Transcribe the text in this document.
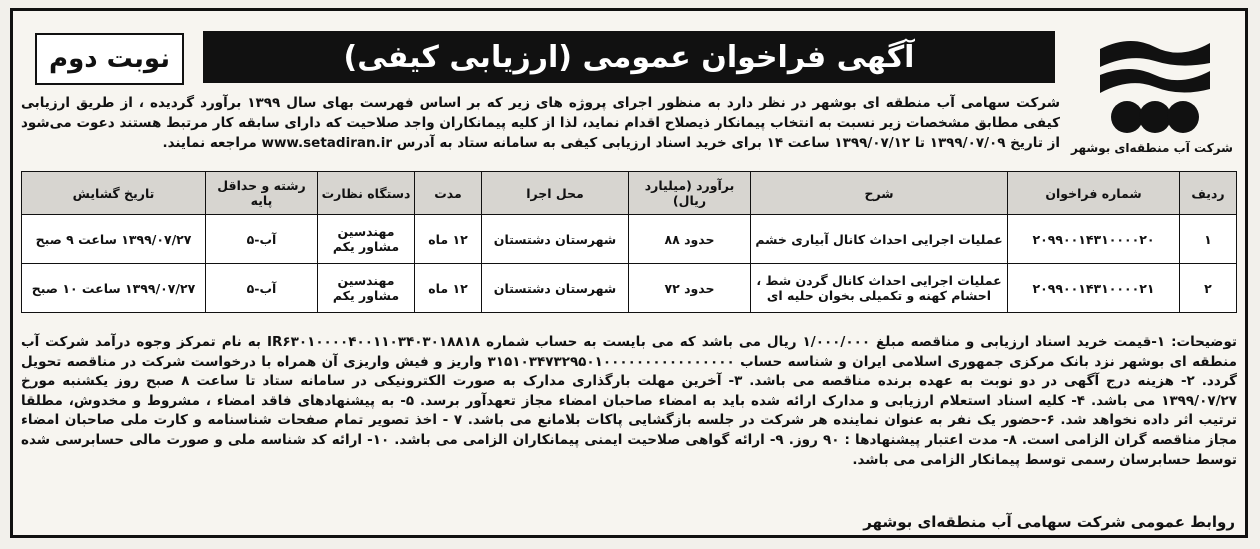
آگهی فراخوان عمومی (ارزیابی کیفی)
نوبت دوم
شرکت آب منطقه‌ای بوشهر
شرکت سهامی آب منطقه ای بوشهر در نظر دارد به منظور اجرای پروژه های زیر که بر اساس فهرست بهای سال ۱۳۹۹ برآورد گردیده ، از طریق ارزیابی کیفی مطابق مشخصات زیر نسبت به انتخاب پیمانکار ذیصلاح اقدام نماید، لذا از کلیه پیمانکاران واجد صلاحیت که دارای سابقه کار مرتبط هستند دعوت می‌شود از تاریخ ۱۳۹۹/۰۷/۰۹ تا ۱۳۹۹/۰۷/۱۲ ساعت ۱۴ برای خرید اسناد ارزیابی کیفی به سامانه ستاد به آدرس www.setadiran.ir مراجعه نمایند.
ردیف	شماره فراخوان	شرح	برآورد (میلیارد ریال)	محل اجرا	مدت	دستگاه نظارت	رشته و حداقل پایه	تاریخ گشایش
۱	۲۰۹۹۰۰۱۴۳۱۰۰۰۰۲۰	عملیات اجرایی احداث کانال آبیاری خشم	حدود ۸۸	شهرستان دشتستان	۱۲ ماه	مهندسین مشاور یکم	آب-۵	۱۳۹۹/۰۷/۲۷ ساعت ۹ صبح
۲	۲۰۹۹۰۰۱۴۳۱۰۰۰۰۲۱	عملیات اجرایی احداث کانال گردن شط ، احشام کهنه و تکمیلی بخوان حلیه ای	حدود ۷۲	شهرستان دشتستان	۱۲ ماه	مهندسین مشاور یکم	آب-۵	۱۳۹۹/۰۷/۲۷ ساعت ۱۰ صبح
توضیحات: ۱-قیمت خرید اسناد ارزیابی و مناقصه مبلغ ۱/۰۰۰/۰۰۰ ریال می باشد که می بایست به حساب شماره IR۶۳۰۱۰۰۰۰۴۰۰۱۱۰۳۴۰۳۰۱۸۸۱۸ به نام تمرکز وجوه درآمد شرکت آب منطقه ای بوشهر نزد بانک مرکزی جمهوری اسلامی ایران و شناسه حساب ۳۱۵۱۰۳۴۷۳۲۹۵۰۱۰۰۰۰۰۰۰۰۰۰۰۰۰۰۰۰ واریز و فیش واریزی آن همراه با درخواست شرکت در مناقصه تحویل گردد. ۲- هزینه درج آگهی در دو نوبت به عهده برنده مناقصه می باشد. ۳- آخرین مهلت بارگذاری مدارک به صورت الکترونیکی در سامانه ستاد تا ساعت ۸ صبح روز یکشنبه مورخ ۱۳۹۹/۰۷/۲۷ می باشد. ۴- کلیه اسناد استعلام ارزیابی و مدارک ارائه شده باید به امضاء صاحبان امضاء مجاز تعهدآور برسد. ۵- به پیشنهادهای فاقد امضاء ، مشروط و مخدوش، مطلقا ترتیب اثر داده نخواهد شد. ۶-حضور یک نفر به عنوان نماینده هر شرکت در جلسه بازگشایی پاکات بلامانع می باشد. ۷ - اخذ تصویر تمام صفحات شناسنامه و کارت ملی صاحبان امضاء مجاز مناقصه گران الزامی است. ۸- مدت اعتبار پیشنهادها : ۹۰ روز. ۹- ارائه گواهی صلاحیت ایمنی پیمانکاران الزامی می باشد. ۱۰- ارائه کد شناسه ملی و صورت مالی حسابرسی شده توسط حسابرسان رسمی توسط پیمانکار الزامی می باشد.
روابط عمومی شرکت سهامی آب منطقه‌ای بوشهر
